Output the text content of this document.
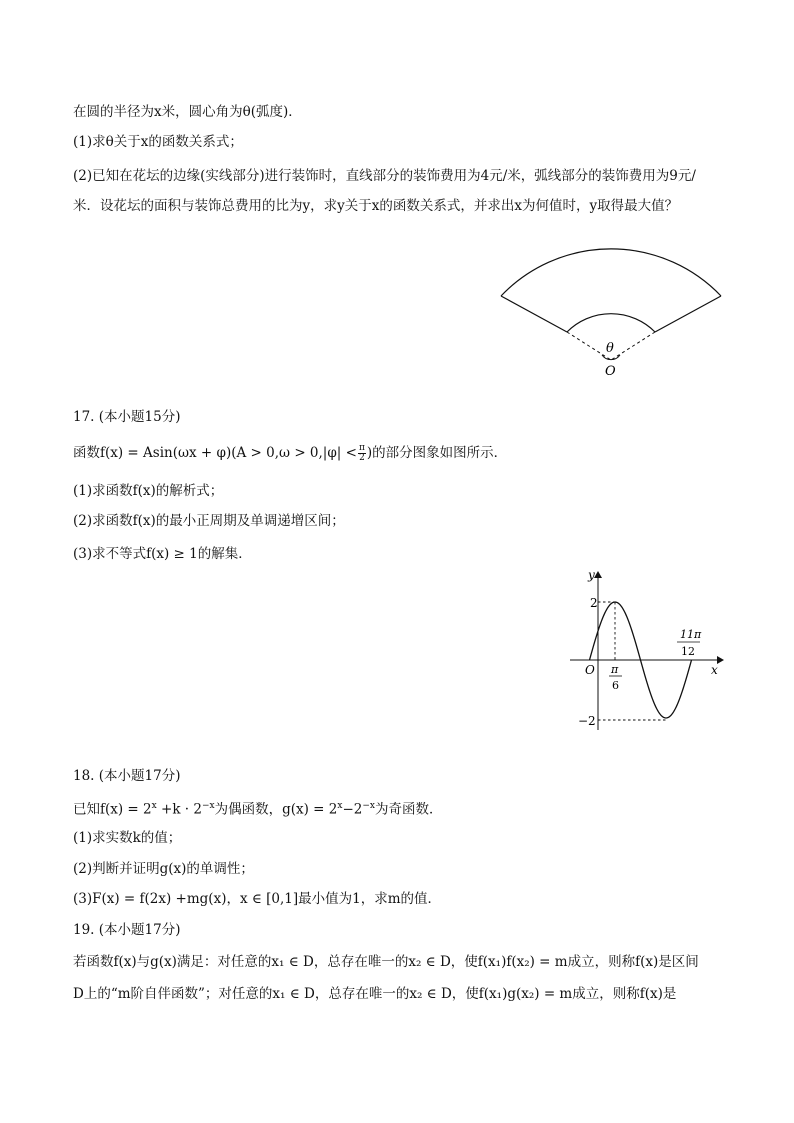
在圆的半径为x米，圆心角为θ(弧度)．
(1)求θ关于x的函数关系式；
(2)已知在花坛的边缘(实线部分)进行装饰时，直线部分的装饰费用为4元/米，弧线部分的装饰费用为9元/
米．设花坛的面积与装饰总费用的比为y，求y关于x的函数关系式，并求出x为何值时，y取得最大值？
θ
O
17. (本小题15分)
函数$f(x) = Asin(\omega x + \varphi)(A > 0,\omega > 0,|\varphi| < \frac{\pi}{2}$ )的部分图象如图所示．
(1)求函数f(x)的解析式；
(2)求函数f(x)的最小正周期及单调递增区间；
(3)求不等式f(x) ≥ 1的解集．
y
x
O
2
−2
π
6
11π
12
18. (本小题17分)
已知$f(x) = 2^x +k \cdot 2^{-x}$为偶函数，$g(x) = 2^x-2^{-x}$为奇函数．
(1)求实数k的值；
(2)判断并证明g(x)的单调性；
(3)F(x) = f(2x) +mg(x)，x ∈ [0,1]最小值为1，求m的值．
19. (本小题17分)
若函数f(x)与g(x)满足：对任意的x₁ ∈ D，总存在唯一的x₂ ∈ D，使f(x₁)f(x₂) = m成立，则称f(x)是区间
D上的“m阶自伴函数”；对任意的x₁ ∈ D，总存在唯一的x₂ ∈ D，使f(x₁)g(x₂) = m成立，则称f(x)是
